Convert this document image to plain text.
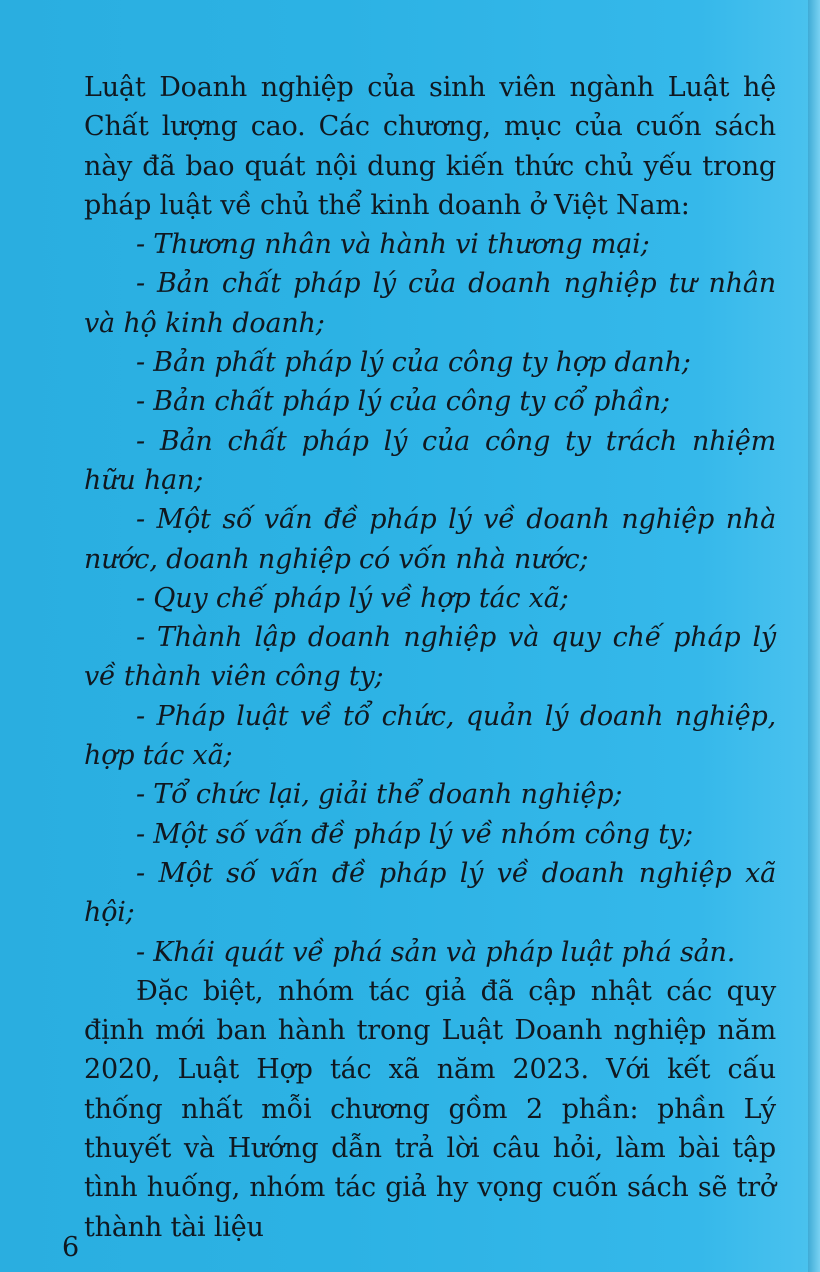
Luật Doanh nghiệp của sinh viên ngành Luật hệ Chất lượng cao. Các chương, mục của cuốn sách này đã bao quát nội dung kiến thức chủ yếu trong pháp luật về chủ thể kinh doanh ở Việt Nam:

- Thương nhân và hành vi thương mại;

- Bản chất pháp lý của doanh nghiệp tư nhân và hộ kinh doanh;

- Bản phất pháp lý của công ty hợp danh;

- Bản chất pháp lý của công ty cổ phần;

- Bản chất pháp lý của công ty trách nhiệm hữu hạn;

- Một số vấn đề pháp lý về doanh nghiệp nhà nước, doanh nghiệp có vốn nhà nước;

- Quy chế pháp lý về hợp tác xã;

- Thành lập doanh nghiệp và quy chế pháp lý về thành viên công ty;

- Pháp luật về tổ chức, quản lý doanh nghiệp, hợp tác xã;

- Tổ chức lại, giải thể doanh nghiệp;

- Một số vấn đề pháp lý về nhóm công ty;

- Một số vấn đề pháp lý về doanh nghiệp xã hội;

- Khái quát về phá sản và pháp luật phá sản.

Đặc biệt, nhóm tác giả đã cập nhật các quy định mới ban hành trong Luật Doanh nghiệp năm 2020, Luật Hợp tác xã năm 2023. Với kết cấu thống nhất mỗi chương gồm 2 phần: phần Lý thuyết và Hướng dẫn trả lời câu hỏi, làm bài tập tình huống, nhóm tác giả hy vọng cuốn sách sẽ trở thành tài liệu

6
